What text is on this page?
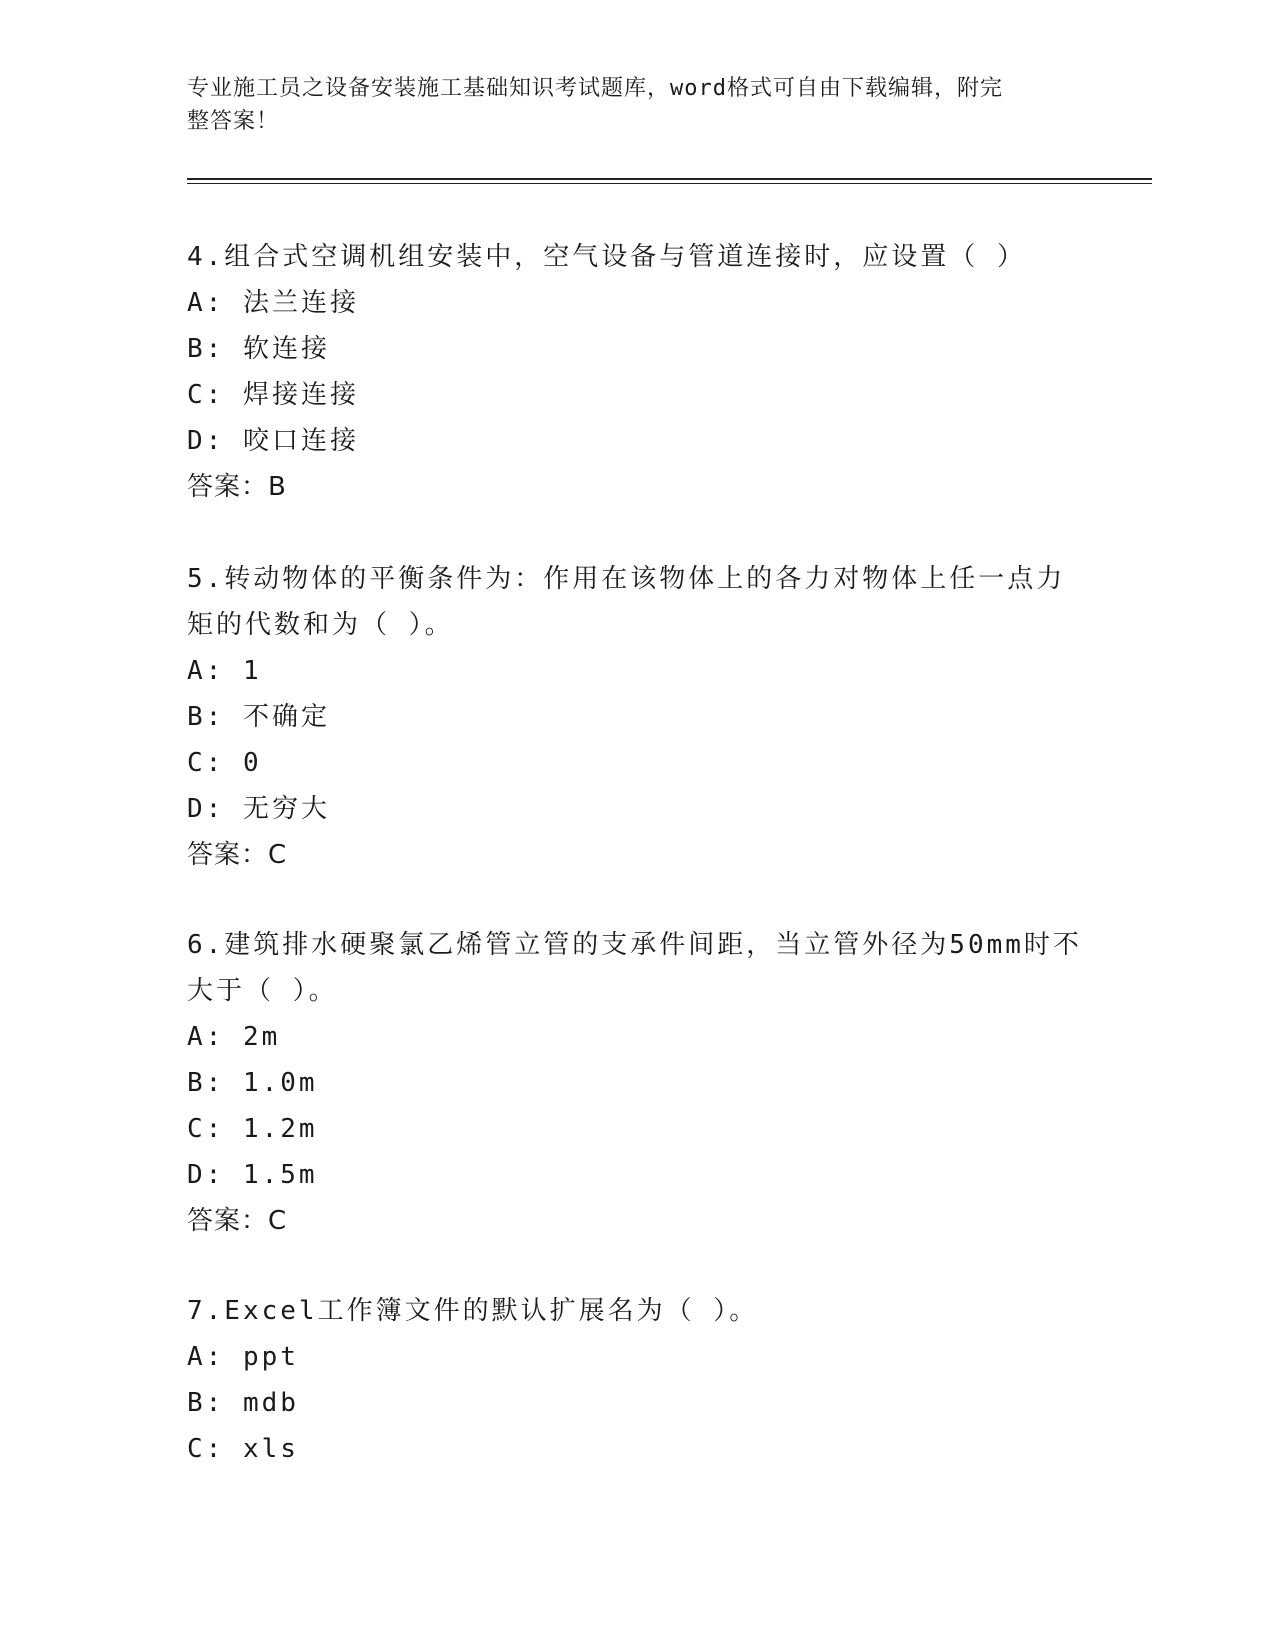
专业施工员之设备安装施工基础知识考试题库，word格式可自由下载编辑，附完
整答案！

4.组合式空调机组安装中，空气设备与管道连接时，应设置（ ）

A: 法兰连接

B: 软连接

C: 焊接连接

D: 咬口连接

答案：B

5.转动物体的平衡条件为：作用在该物体上的各力对物体上任一点力

矩的代数和为（ ）。

A: 1

B: 不确定

C: 0

D: 无穷大

答案：C

6.建筑排水硬聚氯乙烯管立管的支承件间距，当立管外径为50mm时不

大于（ ）。

A: 2m

B: 1.0m

C: 1.2m

D: 1.5m

答案：C

7.Excel工作簿文件的默认扩展名为（ ）。

A: ppt

B: mdb

C: xls
